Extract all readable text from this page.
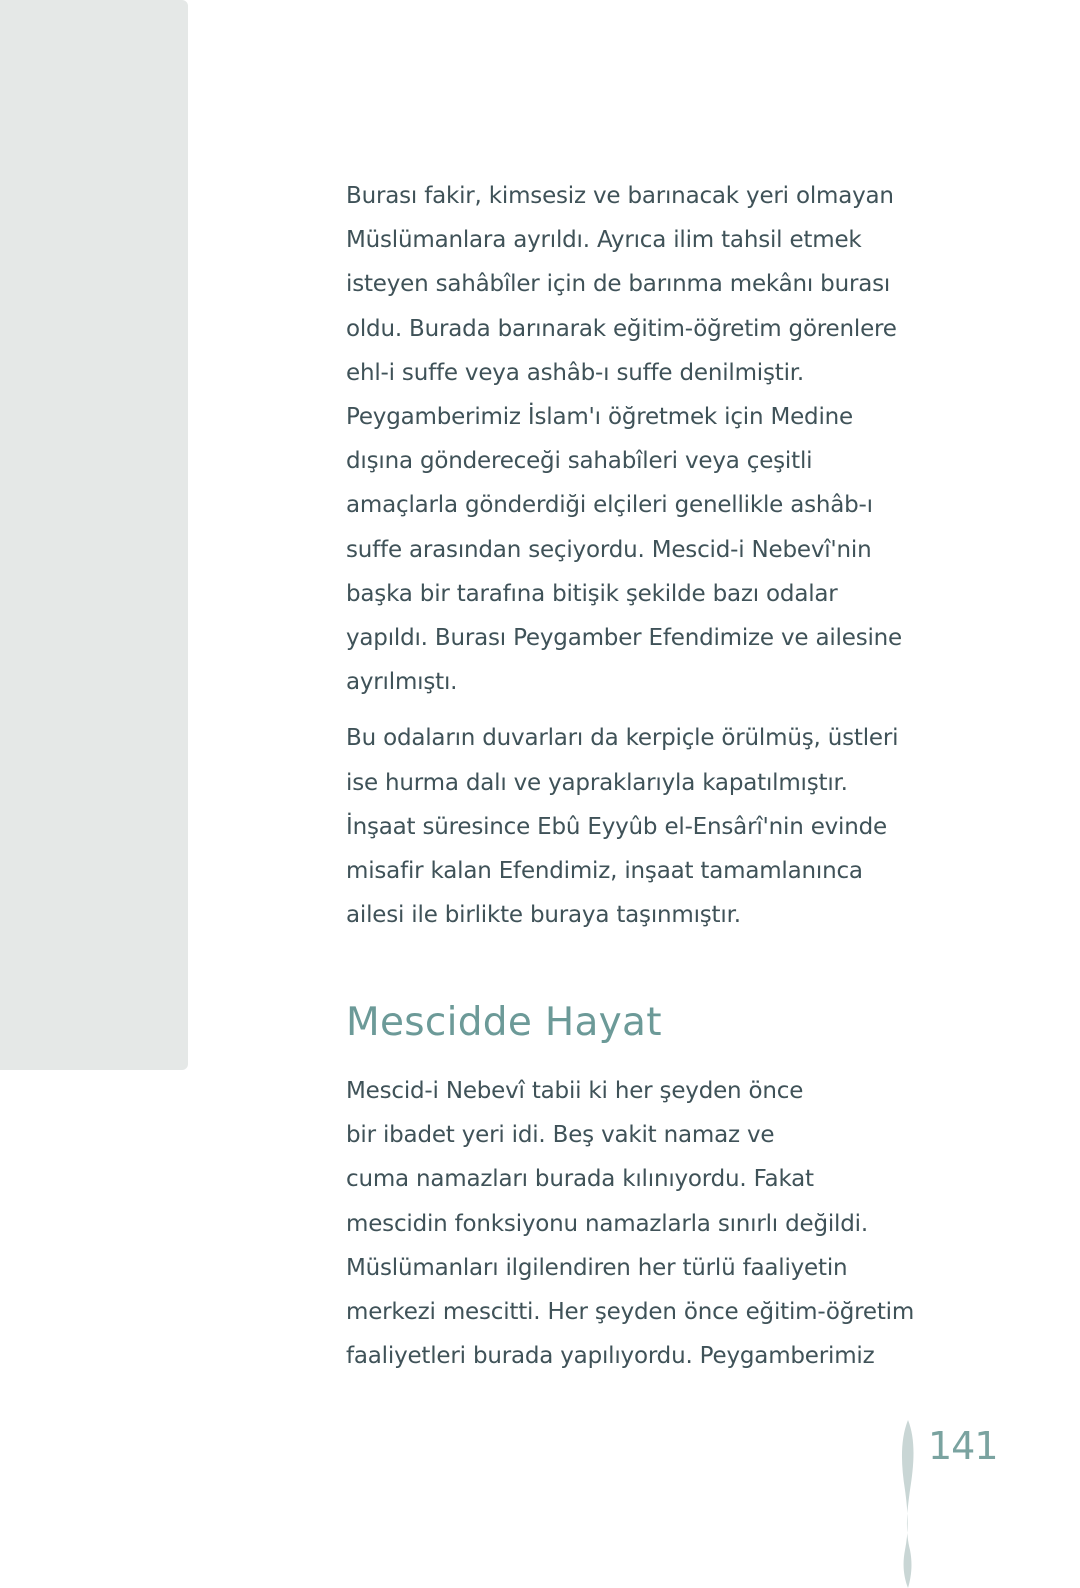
Burası fakir, kimsesiz ve barınacak yeri olmayan
Müslümanlara ayrıldı. Ayrıca ilim tahsil etmek
isteyen sahâbîler için de barınma mekânı burası
oldu. Burada barınarak eğitim-öğretim görenlere
ehl-i suffe veya ashâb-ı suffe denilmiştir.
Peygamberimiz İslam'ı öğretmek için Medine
dışına göndereceği sahabîleri veya çeşitli
amaçlarla gönderdiği elçileri genellikle ashâb-ı
suffe arasından seçiyordu. Mescid-i Nebevî'nin
başka bir tarafına bitişik şekilde bazı odalar
yapıldı. Burası Peygamber Efendimize ve ailesine
ayrılmıştı.
Bu odaların duvarları da kerpiçle örülmüş, üstleri
ise hurma dalı ve yapraklarıyla kapatılmıştır.
İnşaat süresince Ebû Eyyûb el-Ensârî'nin evinde
misafir kalan Efendimiz, inşaat tamamlanınca
ailesi ile birlikte buraya taşınmıştır.
Mescidde Hayat
Mescid-i Nebevî tabii ki her şeyden önce
bir ibadet yeri idi. Beş vakit namaz ve
cuma namazları burada kılınıyordu. Fakat
mescidin fonksiyonu namazlarla sınırlı değildi.
Müslümanları ilgilendiren her türlü faaliyetin
merkezi mescitti. Her şeyden önce eğitim-öğretim
faaliyetleri burada yapılıyordu. Peygamberimiz
141
